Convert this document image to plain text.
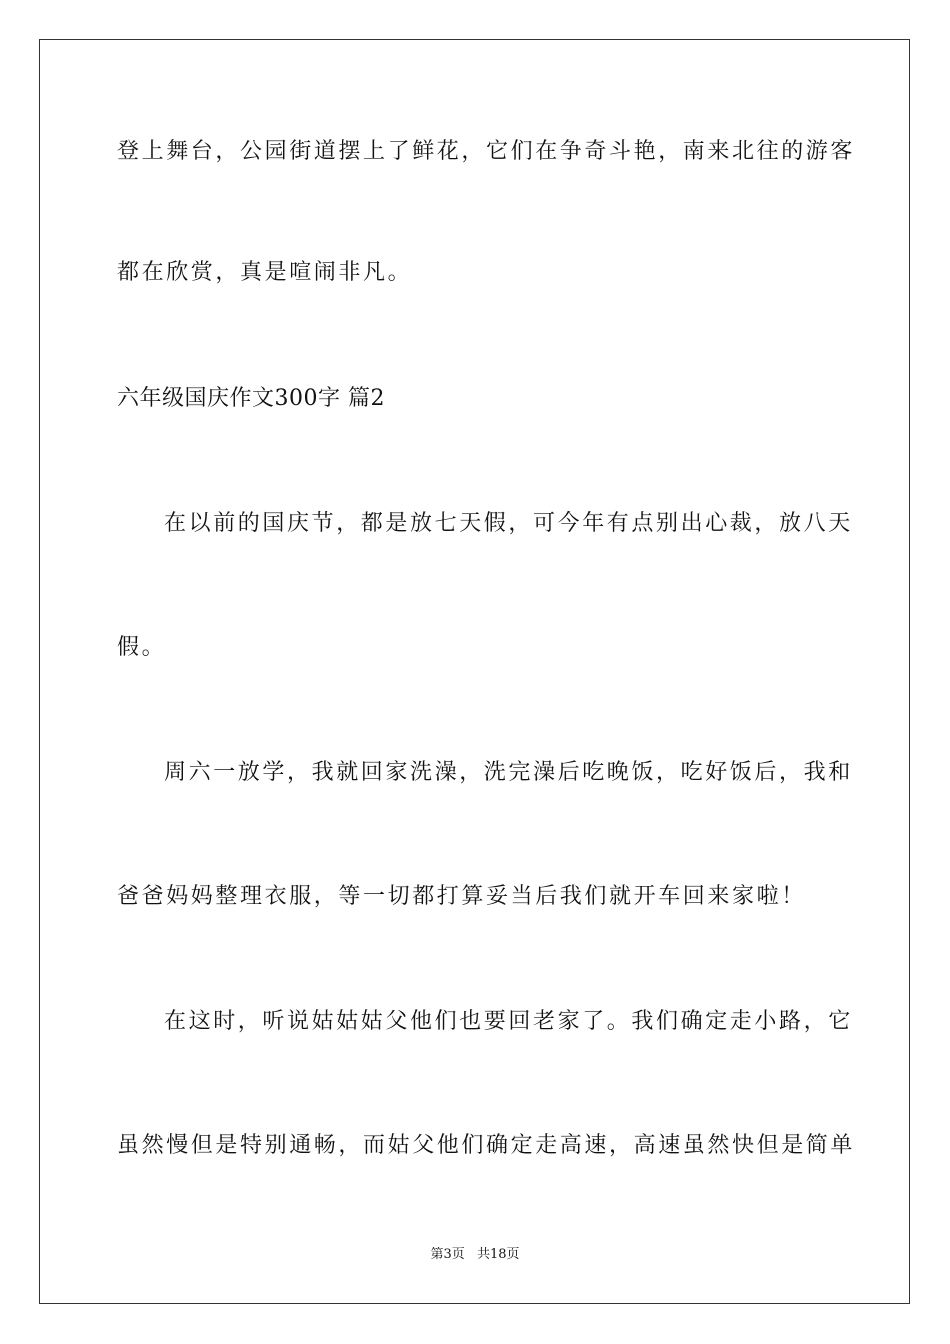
登上舞台，公园街道摆上了鲜花，它们在争奇斗艳，南来北往的游客
都在欣赏，真是喧闹非凡。
六年级国庆作文300字 篇2
在以前的国庆节，都是放七天假，可今年有点别出心裁，放八天
假。
周六一放学，我就回家洗澡，洗完澡后吃晚饭，吃好饭后，我和
爸爸妈妈整理衣服，等一切都打算妥当后我们就开车回来家啦！
在这时，听说姑姑姑父他们也要回老家了。我们确定走小路，它
虽然慢但是特别通畅，而姑父他们确定走高速，高速虽然快但是简单
第3页 共18页
